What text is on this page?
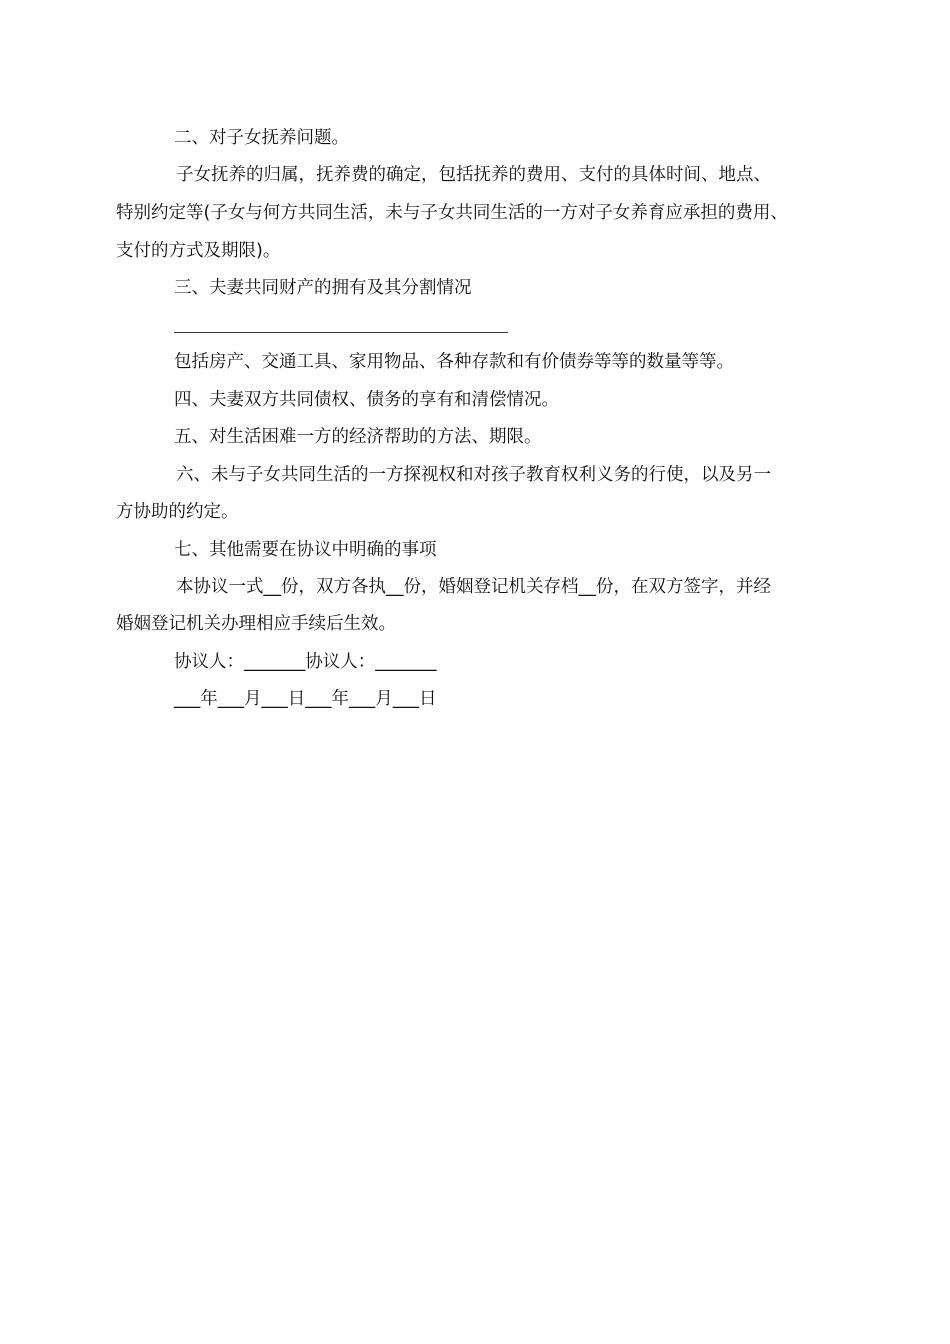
二、对子女抚养问题。
子女抚养的归属，抚养费的确定，包括抚养的费用、支付的具体时间、地点、
特别约定等(子女与何方共同生活，未与子女共同生活的一方对子女养育应承担的费用、
支付的方式及期限)。
三、夫妻共同财产的拥有及其分割情况
包括房产、交通工具、家用物品、各种存款和有价债券等等的数量等等。
四、夫妻双方共同债权、债务的享有和清偿情况。
五、对生活困难一方的经济帮助的方法、期限。
六、未与子女共同生活的一方探视权和对孩子教育权利义务的行使，以及另一
方协助的约定。
七、其他需要在协议中明确的事项
本协议一式__份，双方各执__份，婚姻登记机关存档__份，在双方签字，并经
婚姻登记机关办理相应手续后生效。
协议人：_______协议人：_______
___年___月___日___年___月___日
